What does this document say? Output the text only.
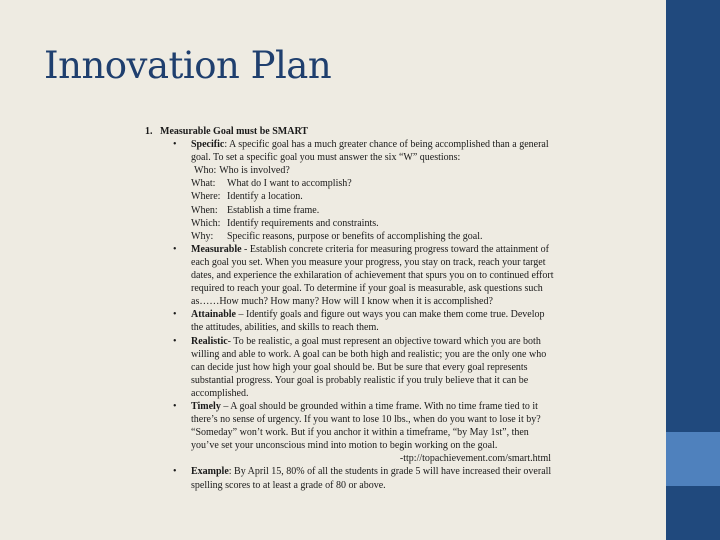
Innovation Plan
1. Measurable Goal must be SMART
• Specific: A specific goal has a much greater chance of being accomplished than a general goal. To set a specific goal you must answer the six “W” questions:
Who: Who is involved?
What:	What do I want to accomplish?
Where: Identify a location.
When: Establish a time frame.
Which: Identify requirements and constraints.
Why:	Specific reasons, purpose or benefits of accomplishing the goal.
• Measurable - Establish concrete criteria for measuring progress toward the attainment of each goal you set. When you measure your progress, you stay on track, reach your target dates, and experience the exhilaration of achievement that spurs you on to continued effort required to reach your goal. To determine if your goal is measurable, ask questions such as……How much? How many? How will I know when it is accomplished?
• Attainable – Identify goals and figure out ways you can make them come true. Develop the attitudes, abilities, and skills to reach them.
• Realistic- To be realistic, a goal must represent an objective toward which you are both willing and able to work. A goal can be both high and realistic; you are the only one who can decide just how high your goal should be. But be sure that every goal represents substantial progress. Your goal is probably realistic if you truly believe that it can be accomplished.
• Timely – A goal should be grounded within a time frame. With no time frame tied to it there’s no sense of urgency. If you want to lose 10 lbs., when do you want to lose it by? “Someday” won’t work. But if you anchor it within a timeframe, “by May 1st”, then you’ve set your unconscious mind into motion to begin working on the goal.
-ttp://topachievement.com/smart.html
• Example: By April 15, 80% of all the students in grade 5 will have increased their overall spelling scores to at least a grade of 80 or above.
